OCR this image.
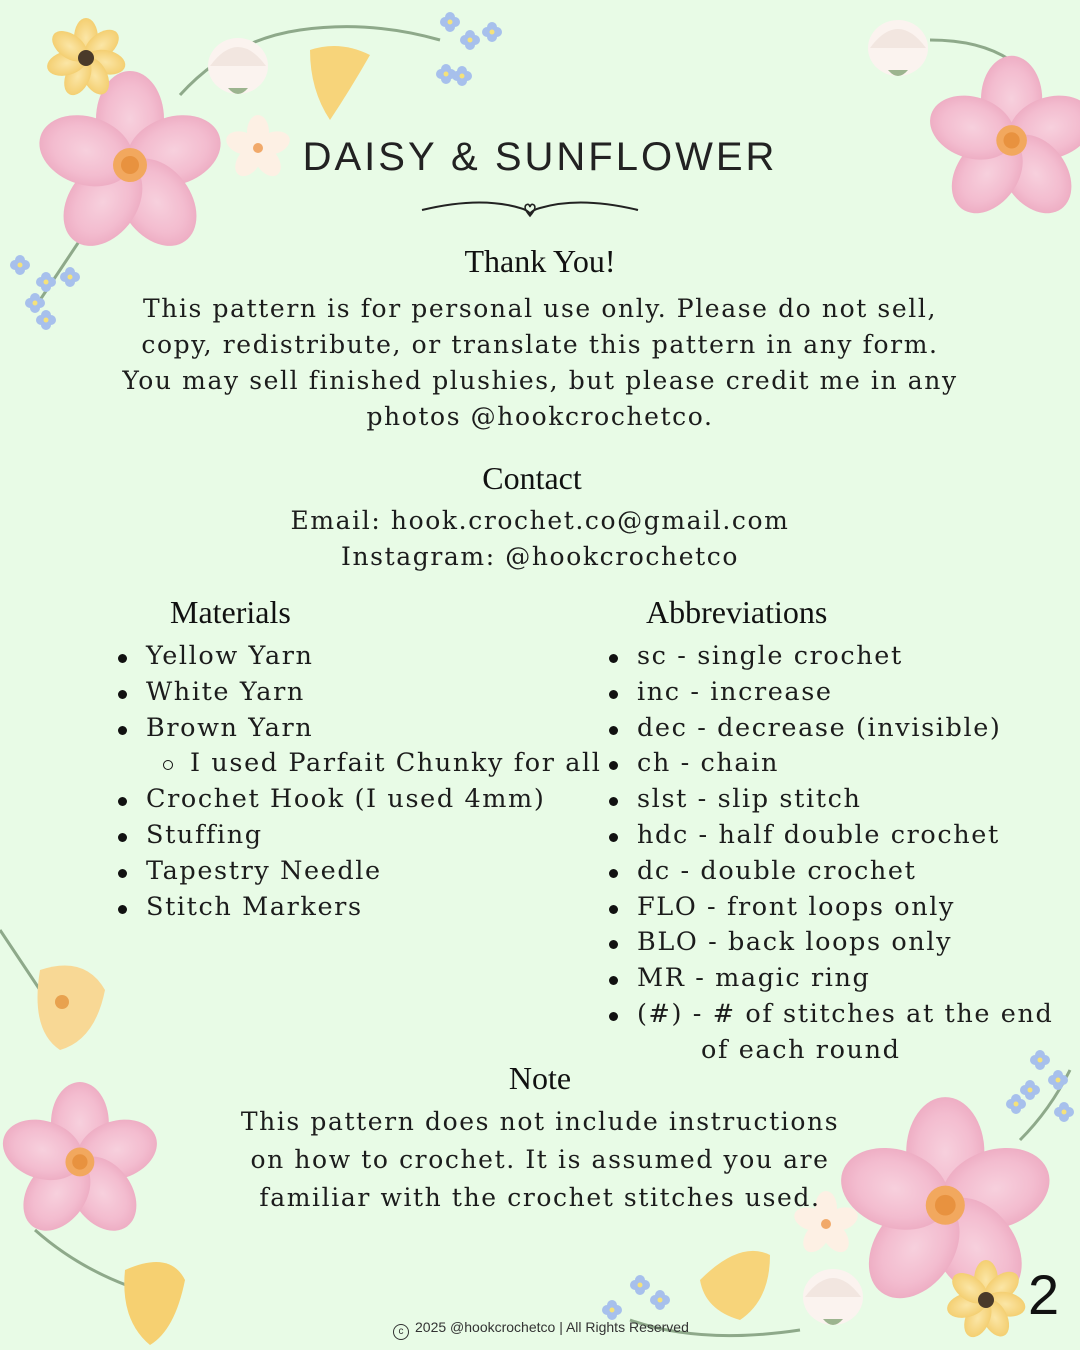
DAISY & SUNFLOWER
Thank You!
This pattern is for personal use only. Please do not sell,
copy, redistribute, or translate this pattern in any form.
You may sell finished plushies, but please credit me in any
photos @hookcrochetco.
Contact
Email: hook.crochet.co@gmail.com
Instagram: @hookcrochetco
Materials
Yellow Yarn
White Yarn
Brown Yarn
I used Parfait Chunky for all
Crochet Hook (I used 4mm)
Stuffing
Tapestry Needle
Stitch Markers
Abbreviations
sc - single crochet
inc - increase
dec - decrease (invisible)
ch - chain
slst - slip stitch
hdc - half double crochet
dc - double crochet
FLO - front loops only
BLO - back loops only
MR - magic ring
(#) - # of stitches at the end
of each round
Note
This pattern does not include instructions
on how to crochet. It is assumed you are
familiar with the crochet stitches used.
c 2025 @hookcrochetco | All Rights Reserved
2
